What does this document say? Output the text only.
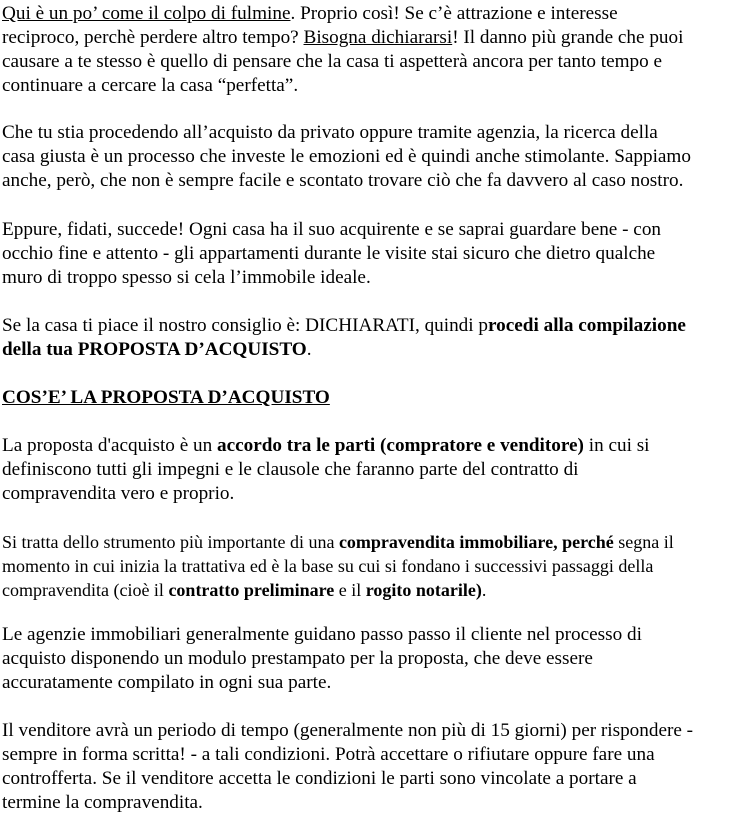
Qui è un po’ come il colpo di fulmine. Proprio così! Se c’è attrazione e interesse
reciproco, perchè perdere altro tempo? Bisogna dichiararsi! Il danno più grande che puoi
causare a te stesso è quello di pensare che la casa ti aspetterà ancora per tanto tempo e
continuare a cercare la casa “perfetta”.

Che tu stia procedendo all’acquisto da privato oppure tramite agenzia, la ricerca della
casa giusta è un processo che investe le emozioni ed è quindi anche stimolante. Sappiamo
anche, però, che non è sempre facile e scontato trovare ciò che fa davvero al caso nostro.

Eppure, fidati, succede! Ogni casa ha il suo acquirente e se saprai guardare bene - con
occhio fine e attento - gli appartamenti durante le visite stai sicuro che dietro qualche
muro di troppo spesso si cela l’immobile ideale.

Se la casa ti piace il nostro consiglio è: DICHIARATI, quindi procedi alla compilazione
della tua PROPOSTA D’ACQUISTO.

COS’E’ LA PROPOSTA D’ACQUISTO

La proposta d'acquisto è un accordo tra le parti (compratore e venditore) in cui si
definiscono tutti gli impegni e le clausole che faranno parte del contratto di
compravendita vero e proprio.

Si tratta dello strumento più importante di una compravendita immobiliare, perché segna il
momento in cui inizia la trattativa ed è la base su cui si fondano i successivi passaggi della
compravendita (cioè il contratto preliminare e il rogito notarile).

Le agenzie immobiliari generalmente guidano passo passo il cliente nel processo di
acquisto disponendo un modulo prestampato per la proposta, che deve essere
accuratamente compilato in ogni sua parte.

Il venditore avrà un periodo di tempo (generalmente non più di 15 giorni) per rispondere -
sempre in forma scritta! - a tali condizioni. Potrà accettare o rifiutare oppure fare una
controfferta. Se il venditore accetta le condizioni le parti sono vincolate a portare a
termine la compravendita.
